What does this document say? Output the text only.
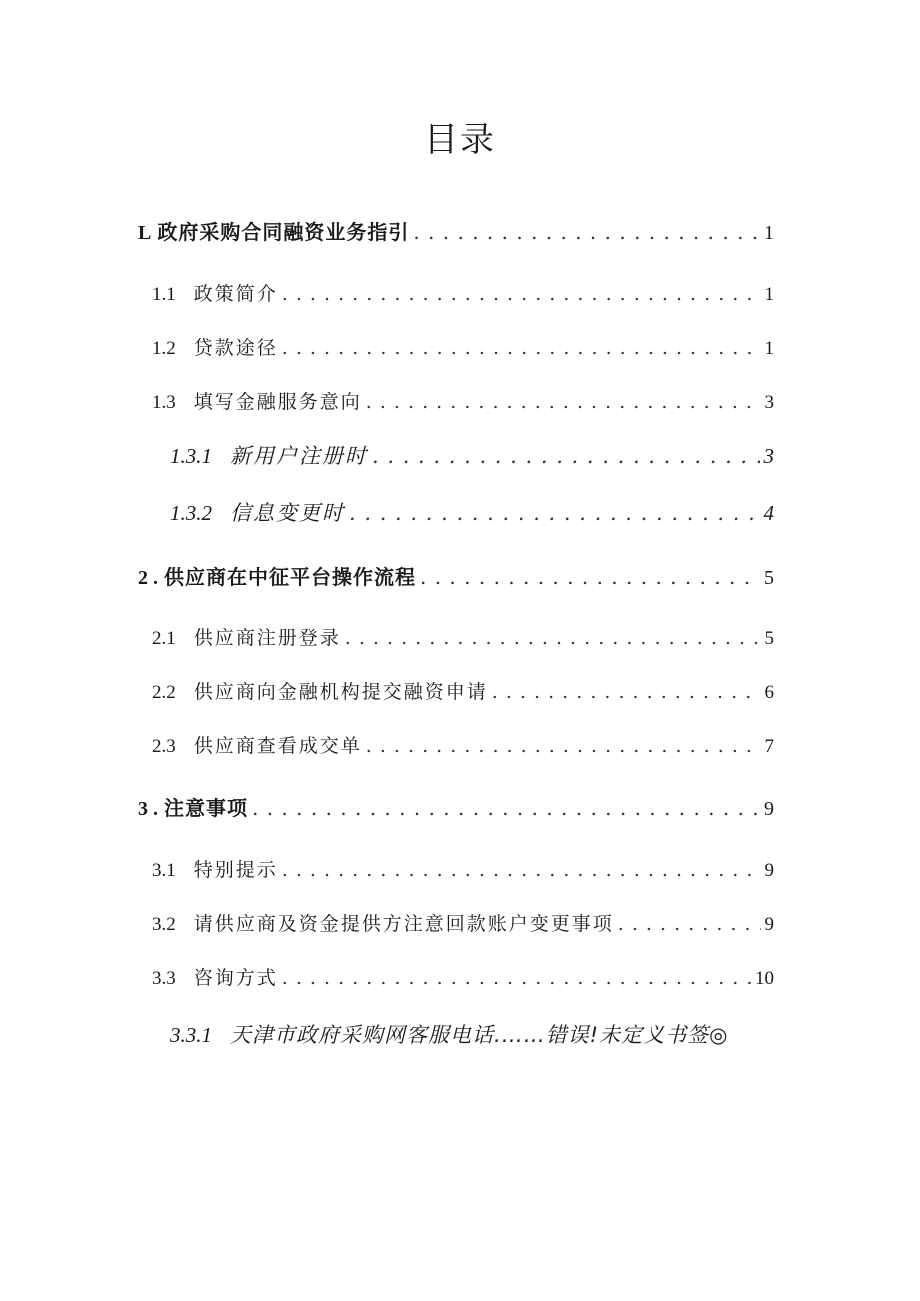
目录
L 政府采购合同融资业务指引 . . .	1
1.1 政策简介 . . .	1
1.2 贷款途径 . . .	1
1.3 填写金融服务意向 . . .	3
1.3.1 新用户注册时 . . .	3
1.3.2 信息变更时 . . .	4
2 . 供应商在中征平台操作流程 . . .	5
2.1 供应商注册登录 . . .	5
2.2 供应商向金融机构提交融资申请 . . .	6
2.3 供应商查看成交单 . . .	7
3 . 注意事项 . . .	9
3.1 特别提示 . . .	9
3.2 请供应商及资金提供方注意回款账户变更事项 . . .	9
3.3 咨询方式 . . .	10
3.3.1 天津市政府采购网客服电话.……错误!未定义书签◎
